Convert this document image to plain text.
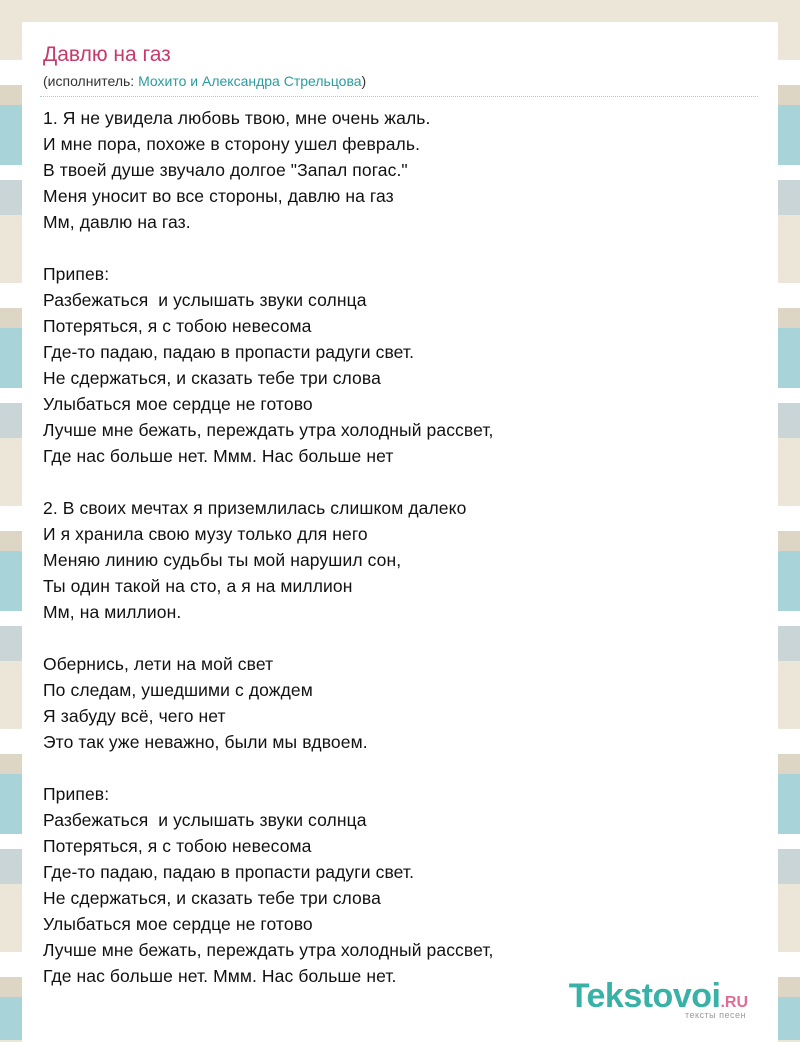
Давлю на газ
(исполнитель: Мохито и Александра Стрельцова)
1. Я не увидела любовь твою, мне очень жаль.
И мне пора, похоже в сторону ушел февраль.
В твоей душе звучало долгое "Запал погас."
Меня уносит во все стороны, давлю на газ
Мм, давлю на газ.
Припев:
Разбежаться  и услышать звуки солнца
Потеряться, я с тобою невесома
Где-то падаю, падаю в пропасти радуги свет.
Не сдержаться, и сказать тебе три слова
Улыбаться мое сердце не готово
Лучше мне бежать, переждать утра холодный рассвет,
Где нас больше нет. Ммм. Нас больше нет
2. В своих мечтах я приземлилась слишком далеко
И я хранила свою музу только для него
Меняю линию судьбы ты мой нарушил сон,
Ты один такой на сто, а я на миллион
Мм, на миллион.
Обернись, лети на мой свет
По следам, ушедшими с дождем
Я забуду всё, чего нет
Это так уже неважно, были мы вдвоем.
Припев:
Разбежаться  и услышать звуки солнца
Потеряться, я с тобою невесома
Где-то падаю, падаю в пропасти радуги свет.
Не сдержаться, и сказать тебе три слова
Улыбаться мое сердце не готово
Лучше мне бежать, переждать утра холодный рассвет,
Где нас больше нет. Ммм. Нас больше нет.
Tekstovoi.RU
тексты песен
